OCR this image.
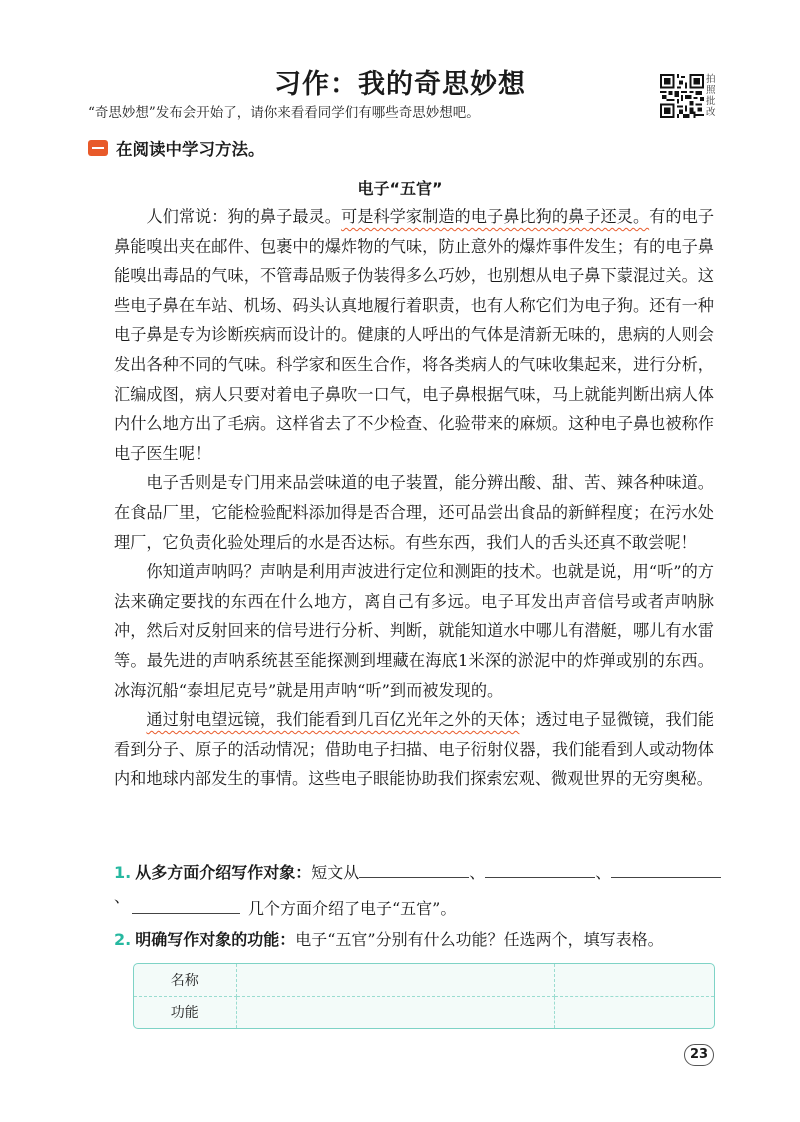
习作：我的奇思妙想
“奇思妙想”发布会开始了，请你来看看同学们有哪些奇思妙想吧。
拍照批改
在阅读中学习方法。
电子“五官”

人们常说：狗的鼻子最灵。可是科学家制造的电子鼻比狗的鼻子还灵。有的电子鼻能嗅出夹在邮件、包裹中的爆炸物的气味，防止意外的爆炸事件发生；有的电子鼻能嗅出毒品的气味，不管毒品贩子伪装得多么巧妙，也别想从电子鼻下蒙混过关。这些电子鼻在车站、机场、码头认真地履行着职责，也有人称它们为电子狗。还有一种电子鼻是专为诊断疾病而设计的。健康的人呼出的气体是清新无味的，患病的人则会发出各种不同的气味。科学家和医生合作，将各类病人的气味收集起来，进行分析，汇编成图，病人只要对着电子鼻吹一口气，电子鼻根据气味，马上就能判断出病人体内什么地方出了毛病。这样省去了不少检查、化验带来的麻烦。这种电子鼻也被称作电子医生呢！

电子舌则是专门用来品尝味道的电子装置，能分辨出酸、甜、苦、辣各种味道。在食品厂里，它能检验配料添加得是否合理，还可品尝出食品的新鲜程度；在污水处理厂，它负责化验处理后的水是否达标。有些东西，我们人的舌头还真不敢尝呢！

你知道声呐吗？声呐是利用声波进行定位和测距的技术。也就是说，用“听”的方法来确定要找的东西在什么地方，离自己有多远。电子耳发出声音信号或者声呐脉冲，然后对反射回来的信号进行分析、判断，就能知道水中哪儿有潜艇，哪儿有水雷等。最先进的声呐系统甚至能探测到埋藏在海底1米深的淤泥中的炸弹或别的东西。冰海沉船“泰坦尼克号”就是用声呐“听”到而被发现的。

通过射电望远镜，我们能看到几百亿光年之外的天体；透过电子显微镜，我们能看到分子、原子的活动情况；借助电子扫描、电子衍射仪器，我们能看到人或动物体内和地球内部发生的事情。这些电子眼能协助我们探索宏观、微观世界的无穷奥秘。

1. 从多方面介绍写作对象：短文从	、	、、
几个方面介绍了电子“五官”。
2. 明确写作对象的功能：电子“五官”分别有什么功能？任选两个，填写表格。
名称		
功能		
23
